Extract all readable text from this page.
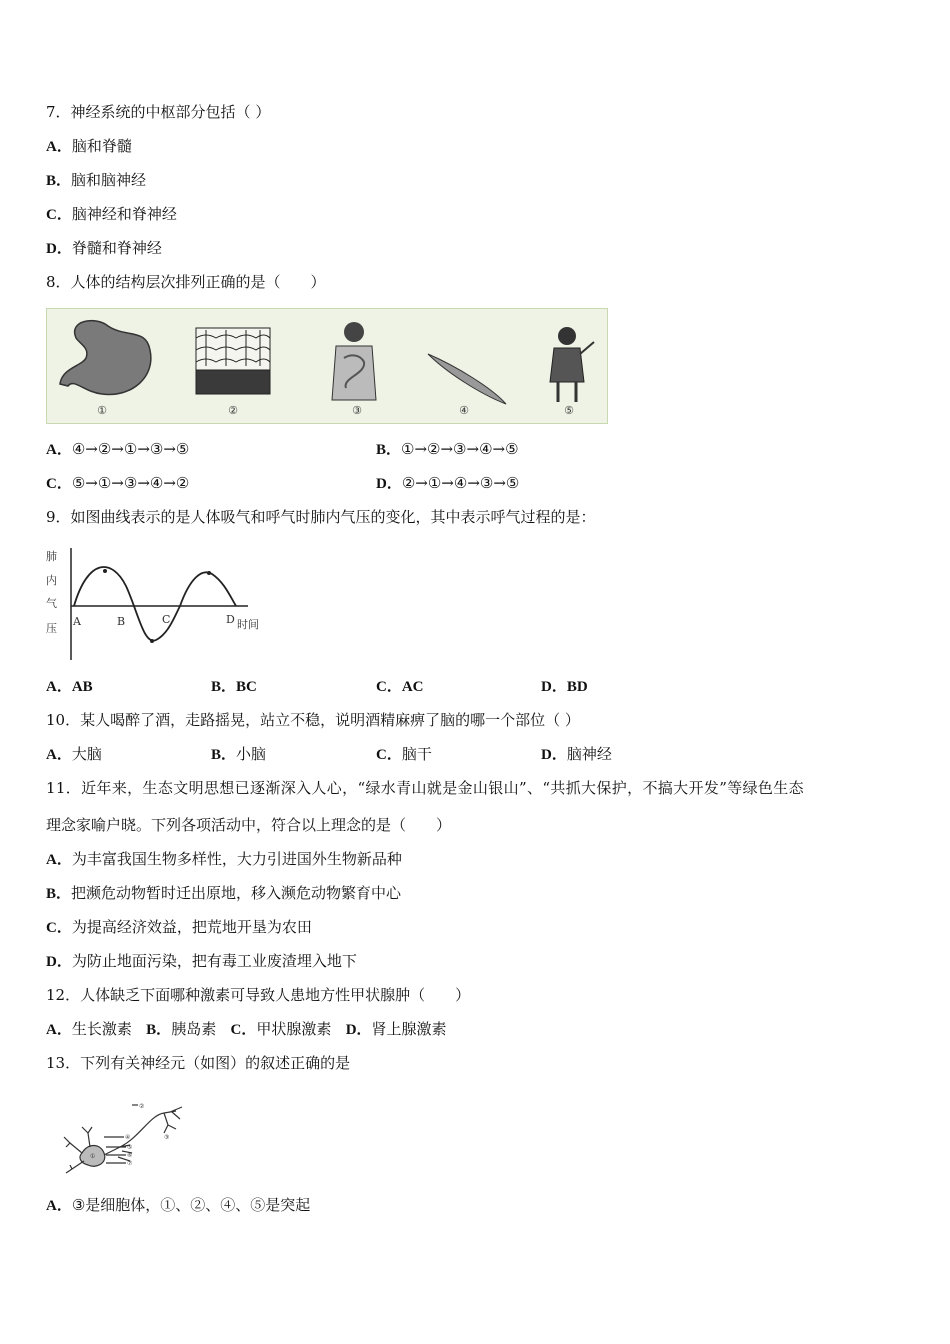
7．神经系统的中枢部分包括（ ）
A．脑和脊髓
B．脑和脑神经
C．脑神经和脊神经
D．脊髓和脊神经
8．人体的结构层次排列正确的是（　　）
①	②	③	④	⑤
A．④→②→①→③→⑤	B．①→②→③→④→⑤
C．⑤→①→③→④→②	D．②→①→④→③→⑤
9．如图曲线表示的是人体吸气和呼气时肺内气压的变化，其中表示呼气过程的是：
肺
内
气
压
A	B	C	D 时间
A．AB	B．BC	C．AC	D．BD
10．某人喝醉了酒，走路摇晃，站立不稳，说明酒精麻痹了脑的哪一个部位（ ）
A．大脑	B．小脑	C．脑干	D．脑神经
11．近年来，生态文明思想已逐渐深入人心，“绿水青山就是金山银山”、“共抓大保护，不搞大开发”等绿色生态
理念家喻户晓。下列各项活动中，符合以上理念的是（　　）
A．为丰富我国生物多样性，大力引进国外生物新品种
B．把濒危动物暂时迁出原地，移入濒危动物繁育中心
C．为提高经济效益，把荒地开垦为农田
D．为防止地面污染，把有毒工业废渣埋入地下
12．人体缺乏下面哪种激素可导致人患地方性甲状腺肿（　　）
A．生长激素 B．胰岛素 C．甲状腺激素 D．肾上腺激素
13．下列有关神经元（如图）的叙述正确的是
②
④
⑤
⑥
⑦
①
③
A．③是细胞体，①、②、④、⑤是突起
